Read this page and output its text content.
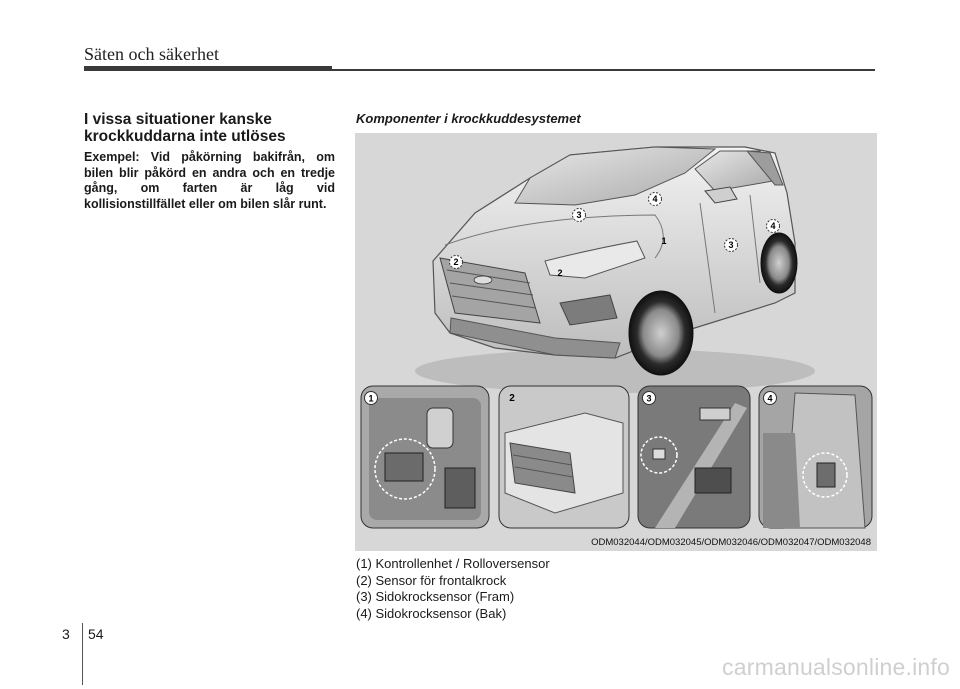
Säten och säkerhet
I vissa situationer kanske krockkuddarna inte utlöses
Exempel: Vid påkörning bakifrån, om bilen blir påkörd en andra och en tredje gång, om farten är låg vid kollisionstillfället eller om bilen slår runt.
Komponenter i krockkuddesystemet
4
3
1	3
4
2
2
1	2	3	4
ODM032044/ODM032045/ODM032046/ODM032047/ODM032048
(1) Kontrollenhet / Rolloversensor
(2) Sensor för frontalkrock
(3) Sidokrocksensor (Fram)
(4) Sidokrocksensor (Bak)
3 54
carmanualsonline.info
